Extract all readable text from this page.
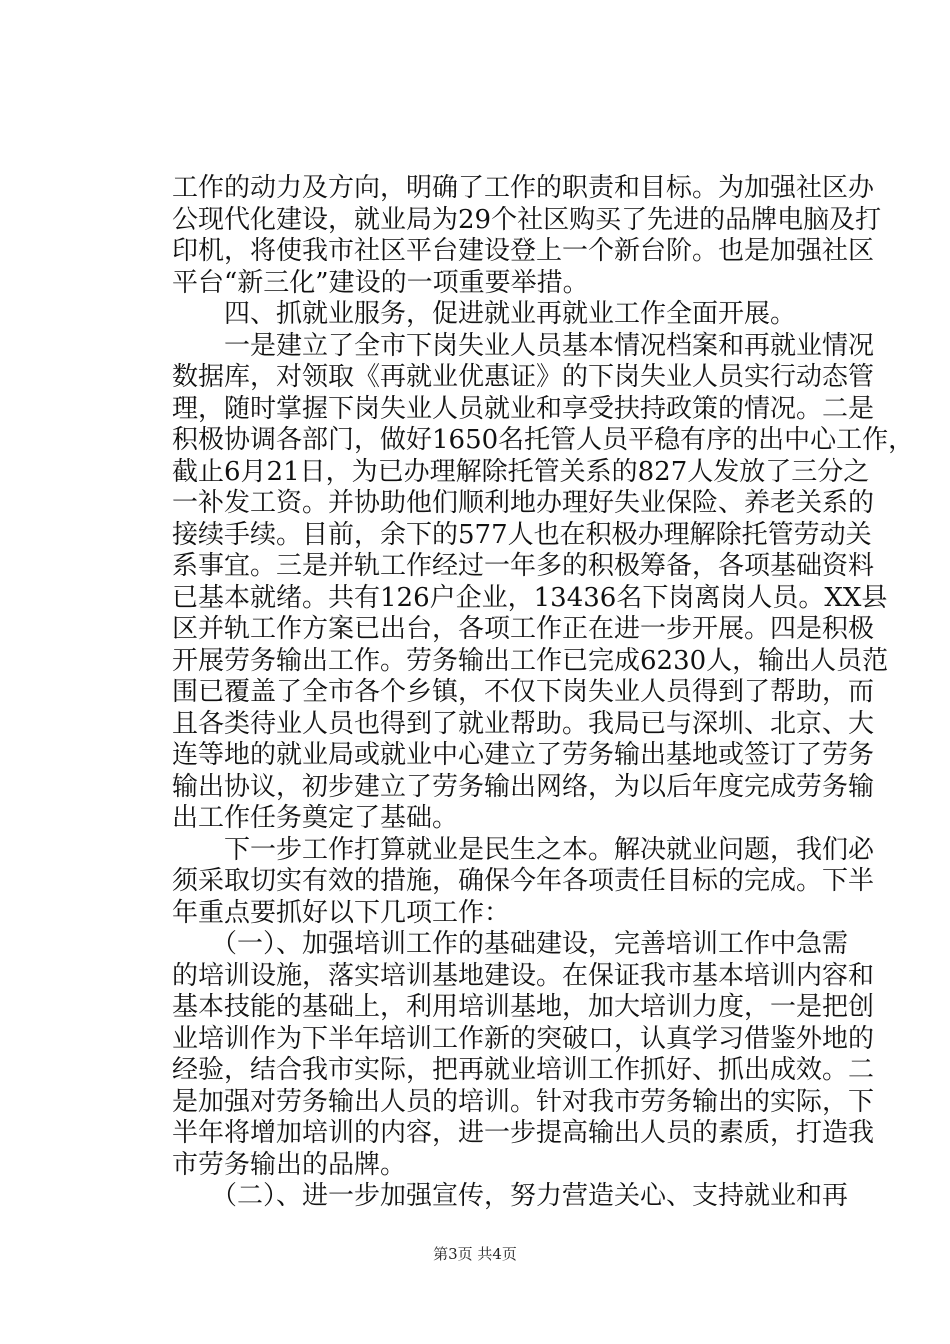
工作的动力及方向，明确了工作的职责和目标。为加强社区办
公现代化建设，就业局为29个社区购买了先进的品牌电脑及打
印机，将使我市社区平台建设登上一个新台阶。也是加强社区
平台“新三化”建设的一项重要举措。
　　四、抓就业服务，促进就业再就业工作全面开展。
　　一是建立了全市下岗失业人员基本情况档案和再就业情况
数据库，对领取《再就业优惠证》的下岗失业人员实行动态管
理，随时掌握下岗失业人员就业和享受扶持政策的情况。二是
积极协调各部门，做好1650名托管人员平稳有序的出中心工作，
截止6月21日，为已办理解除托管关系的827人发放了三分之
一补发工资。并协助他们顺利地办理好失业保险、养老关系的
接续手续。目前，余下的577人也在积极办理解除托管劳动关
系事宜。三是并轨工作经过一年多的积极筹备，各项基础资料
已基本就绪。共有126户企业，13436名下岗离岗人员。XX县
区并轨工作方案已出台，各项工作正在进一步开展。四是积极
开展劳务输出工作。劳务输出工作已完成6230人，输出人员范
围已覆盖了全市各个乡镇，不仅下岗失业人员得到了帮助，而
且各类待业人员也得到了就业帮助。我局已与深圳、北京、大
连等地的就业局或就业中心建立了劳务输出基地或签订了劳务
输出协议，初步建立了劳务输出网络，为以后年度完成劳务输
出工作任务奠定了基础。
　　下一步工作打算就业是民生之本。解决就业问题，我们必
须采取切实有效的措施，确保今年各项责任目标的完成。下半
年重点要抓好以下几项工作：
　　（一）、加强培训工作的基础建设，完善培训工作中急需
的培训设施，落实培训基地建设。在保证我市基本培训内容和
基本技能的基础上，利用培训基地，加大培训力度，一是把创
业培训作为下半年培训工作新的突破口，认真学习借鉴外地的
经验，结合我市实际，把再就业培训工作抓好、抓出成效。二
是加强对劳务输出人员的培训。针对我市劳务输出的实际，下
半年将增加培训的内容，进一步提高输出人员的素质，打造我
市劳务输出的品牌。
　　（二）、进一步加强宣传，努力营造关心、支持就业和再
第3页 共4页
